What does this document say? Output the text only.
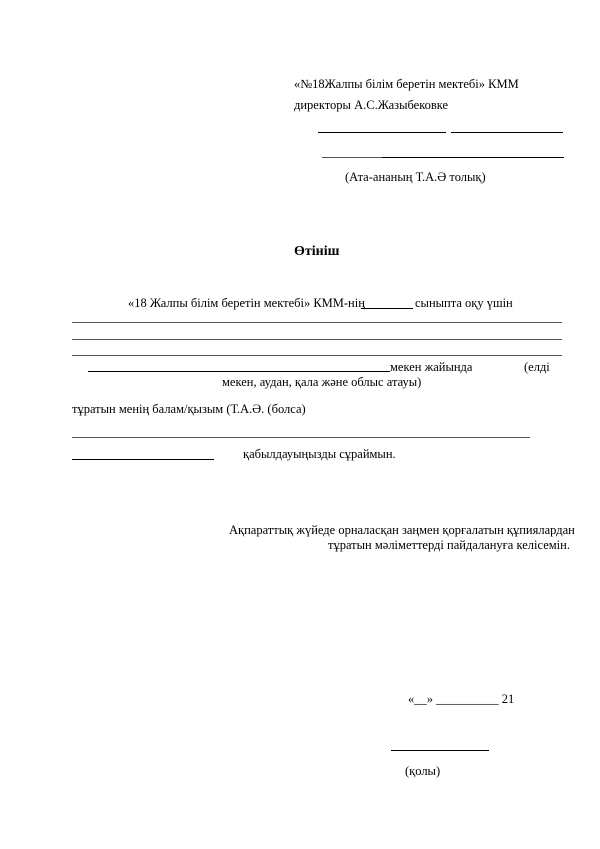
«№18Жалпы білім беретін мектебі» КММ
директоры А.С.Жазыбековке
(Ата-ананың Т.А.Ә толық)
Өтініш
«18 Жалпы білім беретін мектебі» КММ-нің	сыныпта оқу үшін
мекен жайында	(елді
мекен, аудан, қала және облыс атауы)
тұратын менің балам/қызым (Т.А.Ә. (болса)
қабылдауыңызды сұраймын.
Ақпараттық жүйеде орналасқан заңмен қорғалатын құпиялардан
тұратын мәліметтерді пайдалануға келісемін.
«__» __________ 21
(қолы)
